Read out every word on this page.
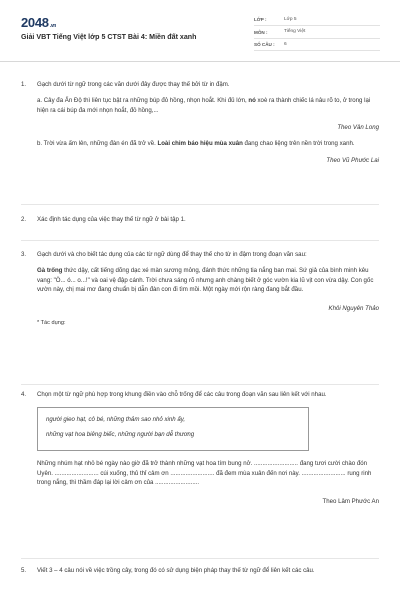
2048.vn
Giải VBT Tiếng Việt lớp 5 CTST Bài 4: Miền đất xanh
LỚP :	Lớp 5
MÔN :	Tiếng Việt
SỐ CÂU :	6
1. Gạch dưới từ ngữ trong các văn dưới đây được thay thế bởi từ in đậm.
a. Cây đa Ấn Độ thì liên tục bật ra những búp đỏ hồng, nhọn hoắt. Khi đủ lớn, nó xoè ra thành chiếc lá nâu rõ to, ở trong lại hiện ra cái búp đa mới nhọn hoắt, đỏ hồng,...
Theo Vân Long
b. Trời vừa ấm lên, những đàn én đã trở về. Loài chim báo hiệu mùa xuân đang chao liệng trên nền trời trong xanh.
Theo Vũ Phước Lai
2. Xác định tác dụng của việc thay thế từ ngữ ở bài tập 1.
3. Gạch dưới và cho biết tác dụng của các từ ngữ dùng để thay thế cho từ in đậm trong đoạn văn sau:
Gà trống thức dậy, cất tiếng dõng dạc xé màn sương mỏng, đánh thức những tia nắng ban mai. Sứ giả của bình minh kêu vang: "Ò... ó... o...!" và oai vệ đập cánh. Trời chưa sáng rõ nhưng anh chàng biết ở góc vườn kia lũ vịt con vừa dậy. Con gốc vườn này, chị mai mơ đang chuẩn bị dẫn đàn con đi tìm mồi. Một ngày mới rộn ràng đang bắt đầu.
Khôi Nguyên Thảo
* Tác dụng:
4. Chọn một từ ngữ phù hợp trong khung điền vào chỗ trống để các câu trong đoạn văn sau liên kết với nhau.
người gieo hạt, cô bé, những thảm sao nhỏ xinh ấy,
những vạt hoa biêng biếc, những người bạn dễ thương
Những nhúm hạt nhỏ bé ngày nào giờ đã trở thành những vạt hoa tím bung nở. .......................... đang tươi cười chào đón Uyên. .......................... cúi xuống, thủ thỉ cảm ơn .......................... đã đem mùa xuân đến nơi này. .......................... rung rinh trong nắng, thì thầm đáp lại lời cảm ơn của ..........................
Theo Lâm Phước An
5. Viết 3 – 4 câu nói về việc trồng cây, trong đó có sử dụng biện pháp thay thế từ ngữ để liên kết các câu.
